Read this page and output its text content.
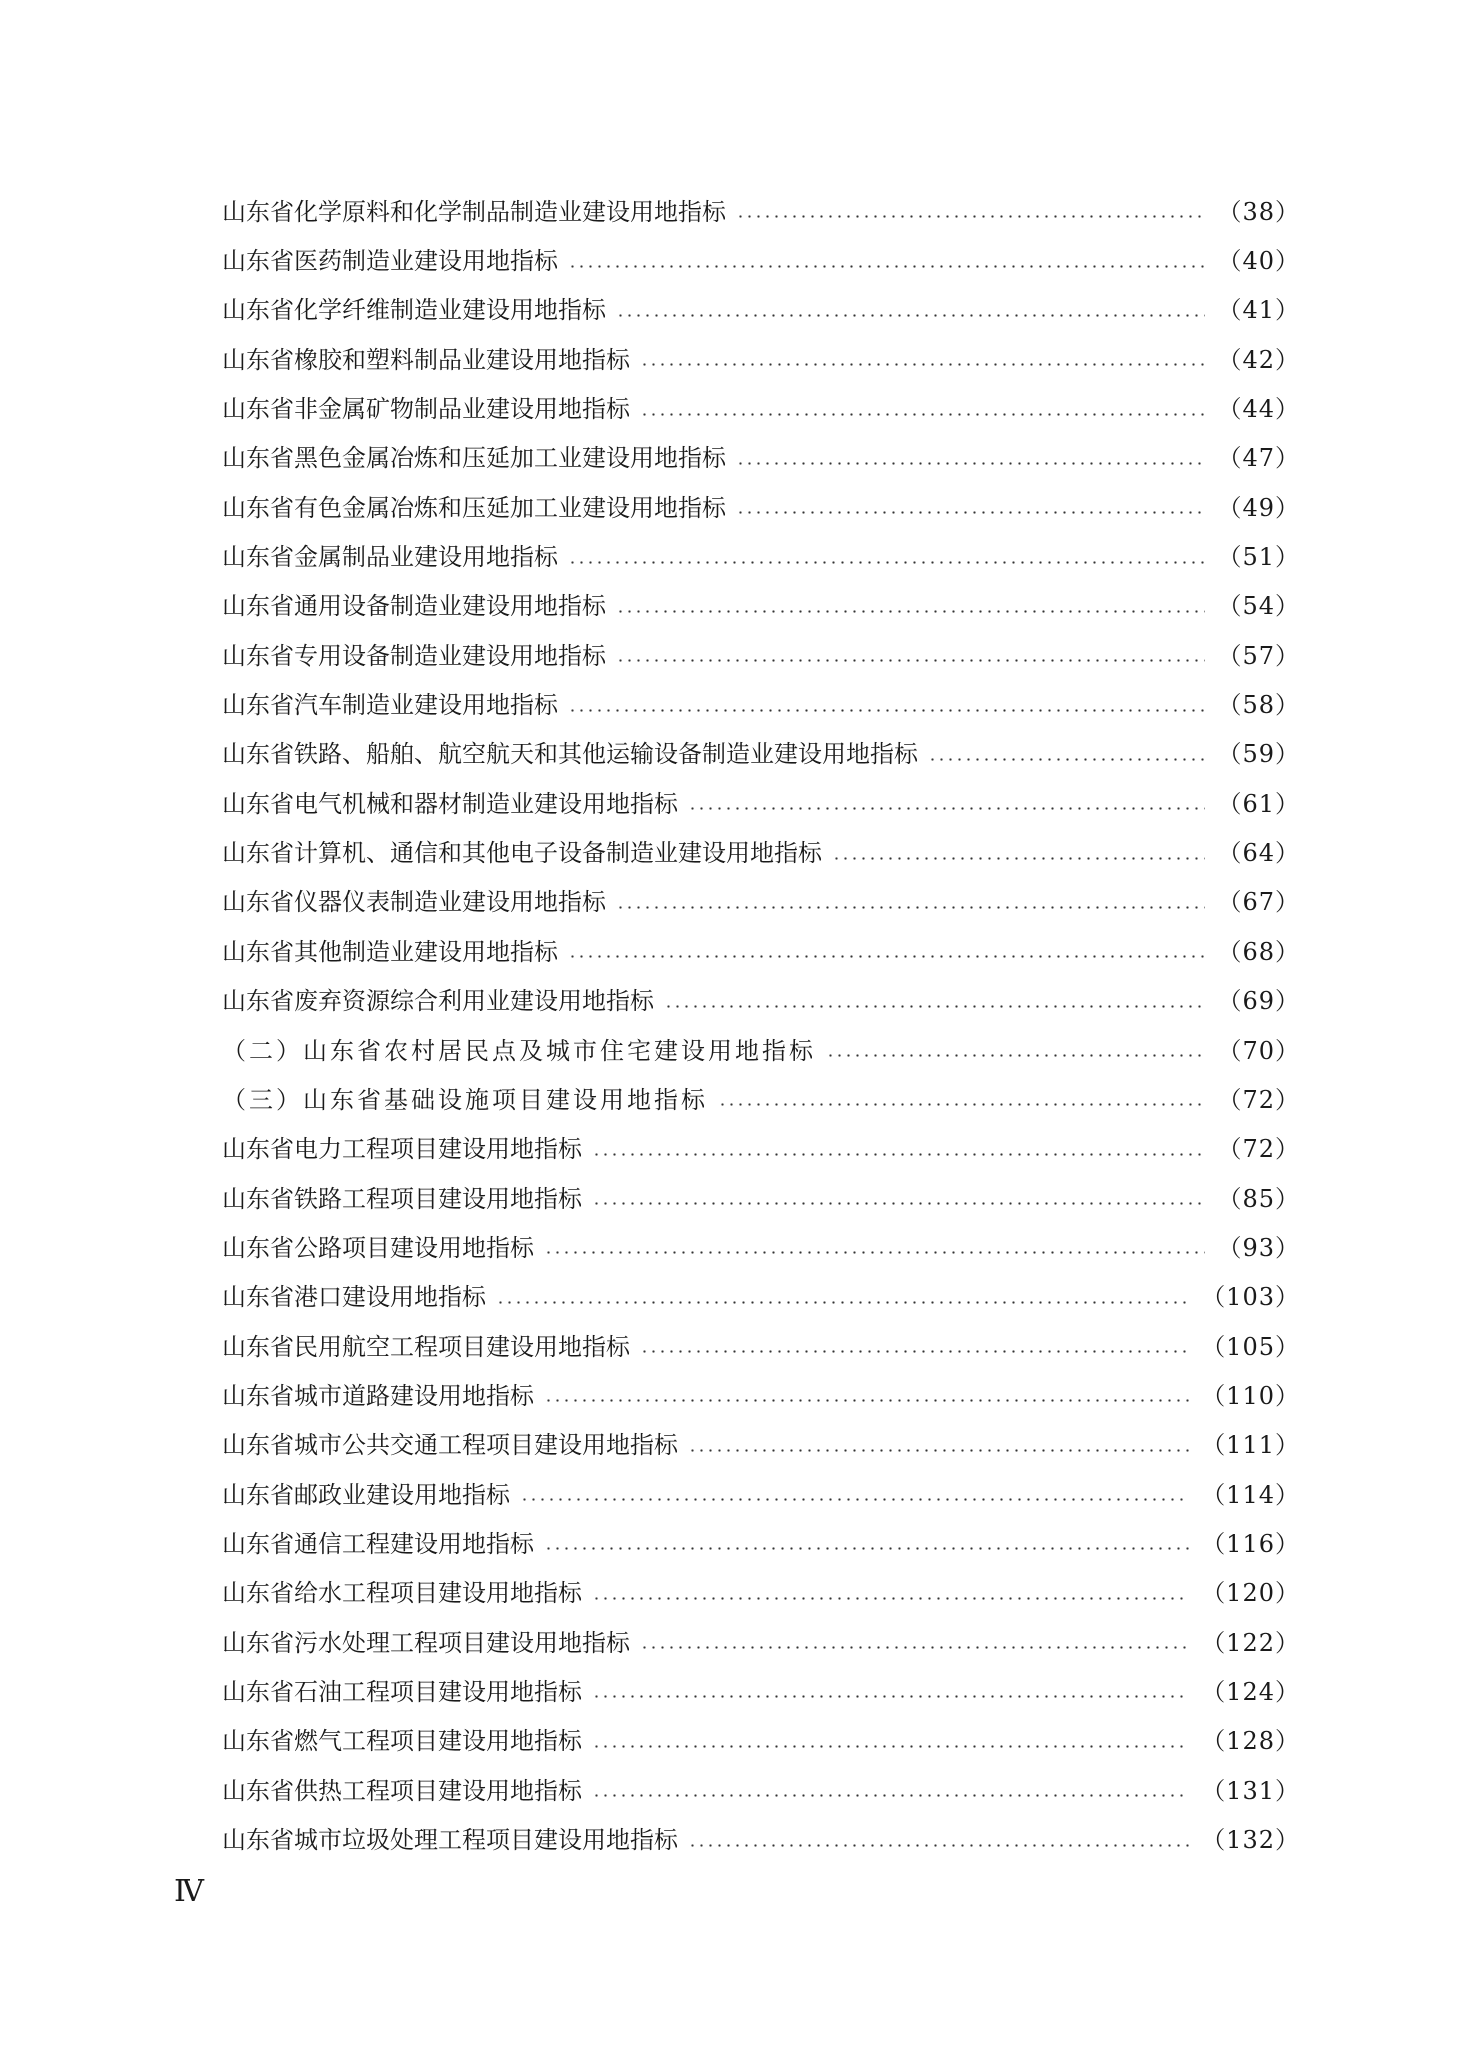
山东省化学原料和化学制品制造业建设用地指标	（38）
山东省医药制造业建设用地指标	（40）
山东省化学纤维制造业建设用地指标	（41）
山东省橡胶和塑料制品业建设用地指标	（42）
山东省非金属矿物制品业建设用地指标	（44）
山东省黑色金属冶炼和压延加工业建设用地指标	（47）
山东省有色金属冶炼和压延加工业建设用地指标	（49）
山东省金属制品业建设用地指标	（51）
山东省通用设备制造业建设用地指标	（54）
山东省专用设备制造业建设用地指标	（57）
山东省汽车制造业建设用地指标	（58）
山东省铁路、船舶、航空航天和其他运输设备制造业建设用地指标	（59）
山东省电气机械和器材制造业建设用地指标	（61）
山东省计算机、通信和其他电子设备制造业建设用地指标	（64）
山东省仪器仪表制造业建设用地指标	（67）
山东省其他制造业建设用地指标	（68）
山东省废弃资源综合利用业建设用地指标	（69）
（二）山东省农村居民点及城市住宅建设用地指标	（70）
（三）山东省基础设施项目建设用地指标	（72）
山东省电力工程项目建设用地指标	（72）
山东省铁路工程项目建设用地指标	（85）
山东省公路项目建设用地指标	（93）
山东省港口建设用地指标	（103）
山东省民用航空工程项目建设用地指标	（105）
山东省城市道路建设用地指标	（110）
山东省城市公共交通工程项目建设用地指标	（111）
山东省邮政业建设用地指标	（114）
山东省通信工程建设用地指标	（116）
山东省给水工程项目建设用地指标	（120）
山东省污水处理工程项目建设用地指标	（122）
山东省石油工程项目建设用地指标	（124）
山东省燃气工程项目建设用地指标	（128）
山东省供热工程项目建设用地指标	（131）
山东省城市垃圾处理工程项目建设用地指标	（132）
Ⅳ
